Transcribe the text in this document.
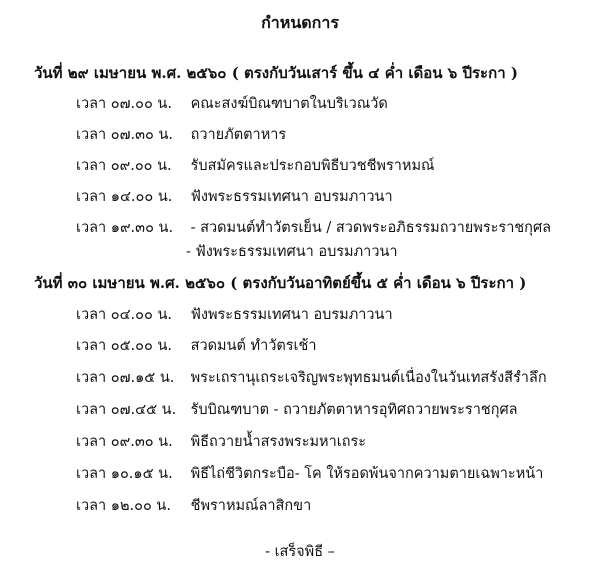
กำหนดการ
วันที่ ๒๙ เมษายน พ.ศ. ๒๕๖๐ ( ตรงกับวันเสาร์ ขึ้น ๔ ค่ำ เดือน ๖ ปีระกา )
เวลา ๐๗.๐๐ น. คณะสงฆ์บิณฑบาตในบริเวณวัด
เวลา ๐๗.๓๐ น. ถวายภัตตาหาร
เวลา ๐๙.๐๐ น. รับสมัครและประกอบพิธีบวชชีพราหมณ์
เวลา ๑๔.๐๐ น. ฟังพระธรรมเทศนา อบรมภาวนา
เวลา ๑๙.๓๐ น. - สวดมนต์ทำวัตรเย็น / สวดพระอภิธรรมถวายพระราชกุศล
- ฟังพระธรรมเทศนา อบรมภาวนา
วันที่ ๓๐ เมษายน พ.ศ. ๒๕๖๐ ( ตรงกับวันอาทิตย์ขึ้น ๕ ค่ำ เดือน ๖ ปีระกา )
เวลา ๐๔.๐๐ น. ฟังพระธรรมเทศนา อบรมภาวนา
เวลา ๐๕.๐๐ น. สวดมนต์ ทำวัตรเช้า
เวลา ๐๗.๑๕ น. พระเถรานุเถระเจริญพระพุทธมนต์เนื่องในวันเทสรังสีรำลึก
เวลา ๐๗.๔๕ น. รับบิณฑบาต - ถวายภัตตาหารอุทิศถวายพระราชกุศล
เวลา ๐๙.๓๐ น. พิธีถวายน้ำสรงพระมหาเถระ
เวลา ๑๐.๑๕ น. พิธีไถ่ชีวิตกระบือ- โค ให้รอดพ้นจากความตายเฉพาะหน้า
เวลา ๑๒.๐๐ น. ชีพราหมณ์ลาสิกขา
- เสร็จพิธี –
